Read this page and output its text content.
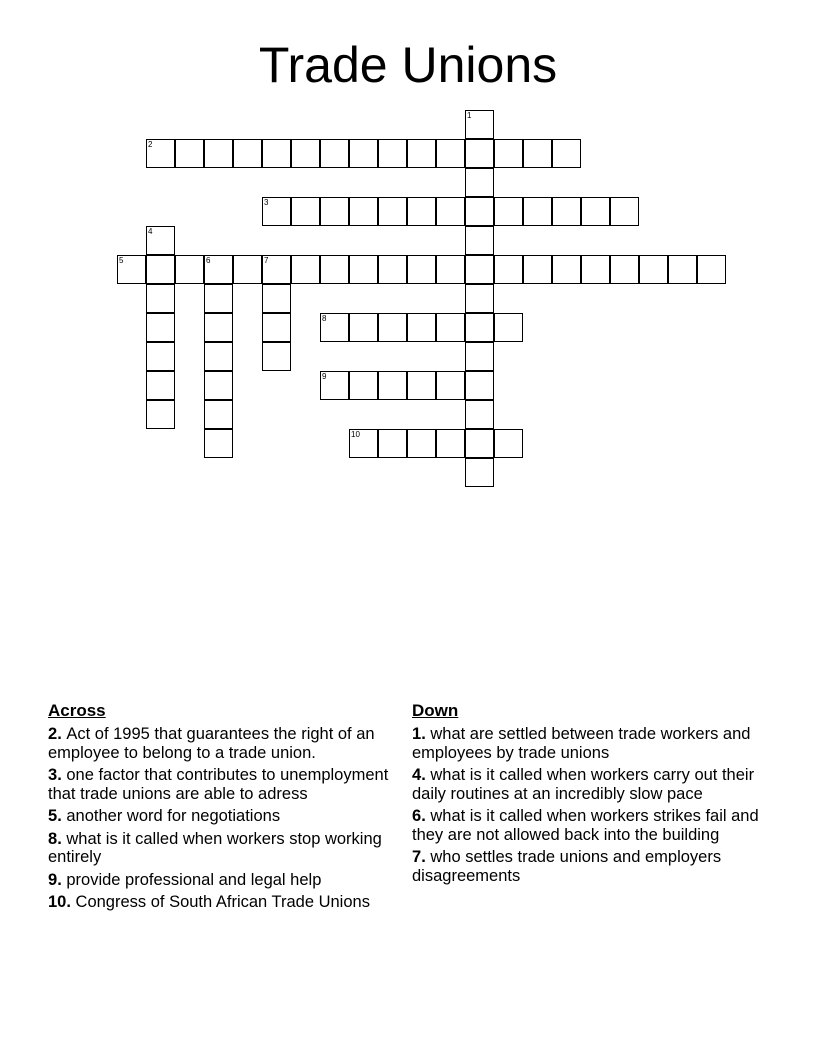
Trade Unions
2
3
5	6	7
8
9
10
1
4
Across
2 . Act of 1995 that guarantees the right of an employee to belong to a trade union.
3 . one factor that contributes to unemployment that trade unions are able to adress
5 . another word for negotiations
8 . what is it called when workers stop working entirely
9 . provide professional and legal help
10 . Congress of South African Trade Unions
Down
1 . what are settled between trade workers and employees by trade unions
4 . what is it called when workers carry out their daily routines at an incredibly slow pace
6 . what is it called when workers strikes fail and they are not allowed back into the building
7 . who settles trade unions and employers disagreements
